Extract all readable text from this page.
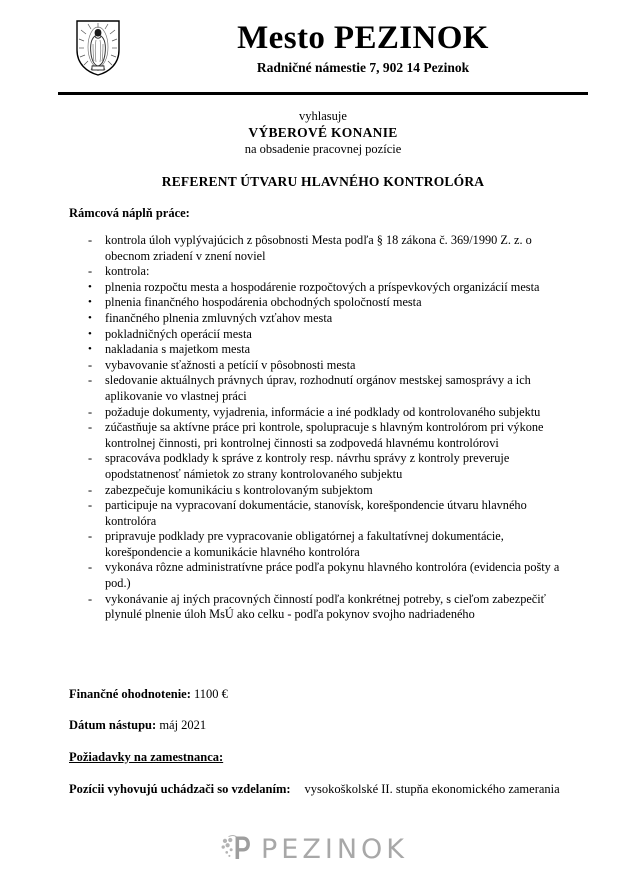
Mesto PEZINOK
Radničné námestie 7, 902 14 Pezinok
vyhlasuje
VÝBEROVÉ KONANIE
na obsadenie pracovnej pozície
REFERENT ÚTVARU HLAVNÉHO KONTROLÓRA
Rámcová náplň práce:
-	kontrola úloh vyplývajúcich z pôsobnosti Mesta podľa § 18 zákona č. 369/1990 Z. z. o obecnom zriadení v znení noviel
-	kontrola:
•	plnenia rozpočtu mesta a hospodárenie rozpočtových a príspevkových organizácií mesta
•	plnenia finančného hospodárenia obchodných spoločností mesta
•	finančného plnenia zmluvných vzťahov mesta
•	pokladničných operácií mesta
•	nakladania s majetkom mesta
-	vybavovanie sťažnosti a petícií v pôsobnosti mesta
-	sledovanie aktuálnych právnych úprav, rozhodnutí orgánov mestskej samosprávy a ich aplikovanie vo vlastnej práci
-	požaduje dokumenty, vyjadrenia, informácie a iné podklady od kontrolovaného subjektu
-	zúčastňuje sa aktívne práce pri kontrole, spolupracuje s hlavným kontrolórom pri výkone kontrolnej činnosti, pri kontrolnej činnosti sa zodpovedá hlavnému kontrolórovi
-	spracováva podklady k správe z kontroly resp. návrhu správy z kontroly preveruje opodstatnenosť námietok zo strany kontrolovaného subjektu
-	zabezpečuje komunikáciu s kontrolovaným subjektom
-	participuje na vypracovaní dokumentácie, stanovísk, korešpondencie útvaru hlavného kontrolóra
-	pripravuje podklady pre vypracovanie obligatórnej a fakultatívnej dokumentácie, korešpondencie a komunikácie hlavného kontrolóra
-	vykonáva rôzne administratívne práce podľa pokynu hlavného kontrolóra (evidencia pošty a pod.)
-	vykonávanie aj iných pracovných činností podľa konkrétnej potreby, s cieľom zabezpečiť plynulé plnenie úloh MsÚ ako celku - podľa pokynov svojho nadriadeného
Finančné ohodnotenie: 1100 €
Dátum nástupu: máj 2021
Požiadavky na zamestnanca:
Pozícii vyhovujú uchádzači so vzdelaním: vysokoškolské II. stupňa ekonomického zamerania
PEZINOK
